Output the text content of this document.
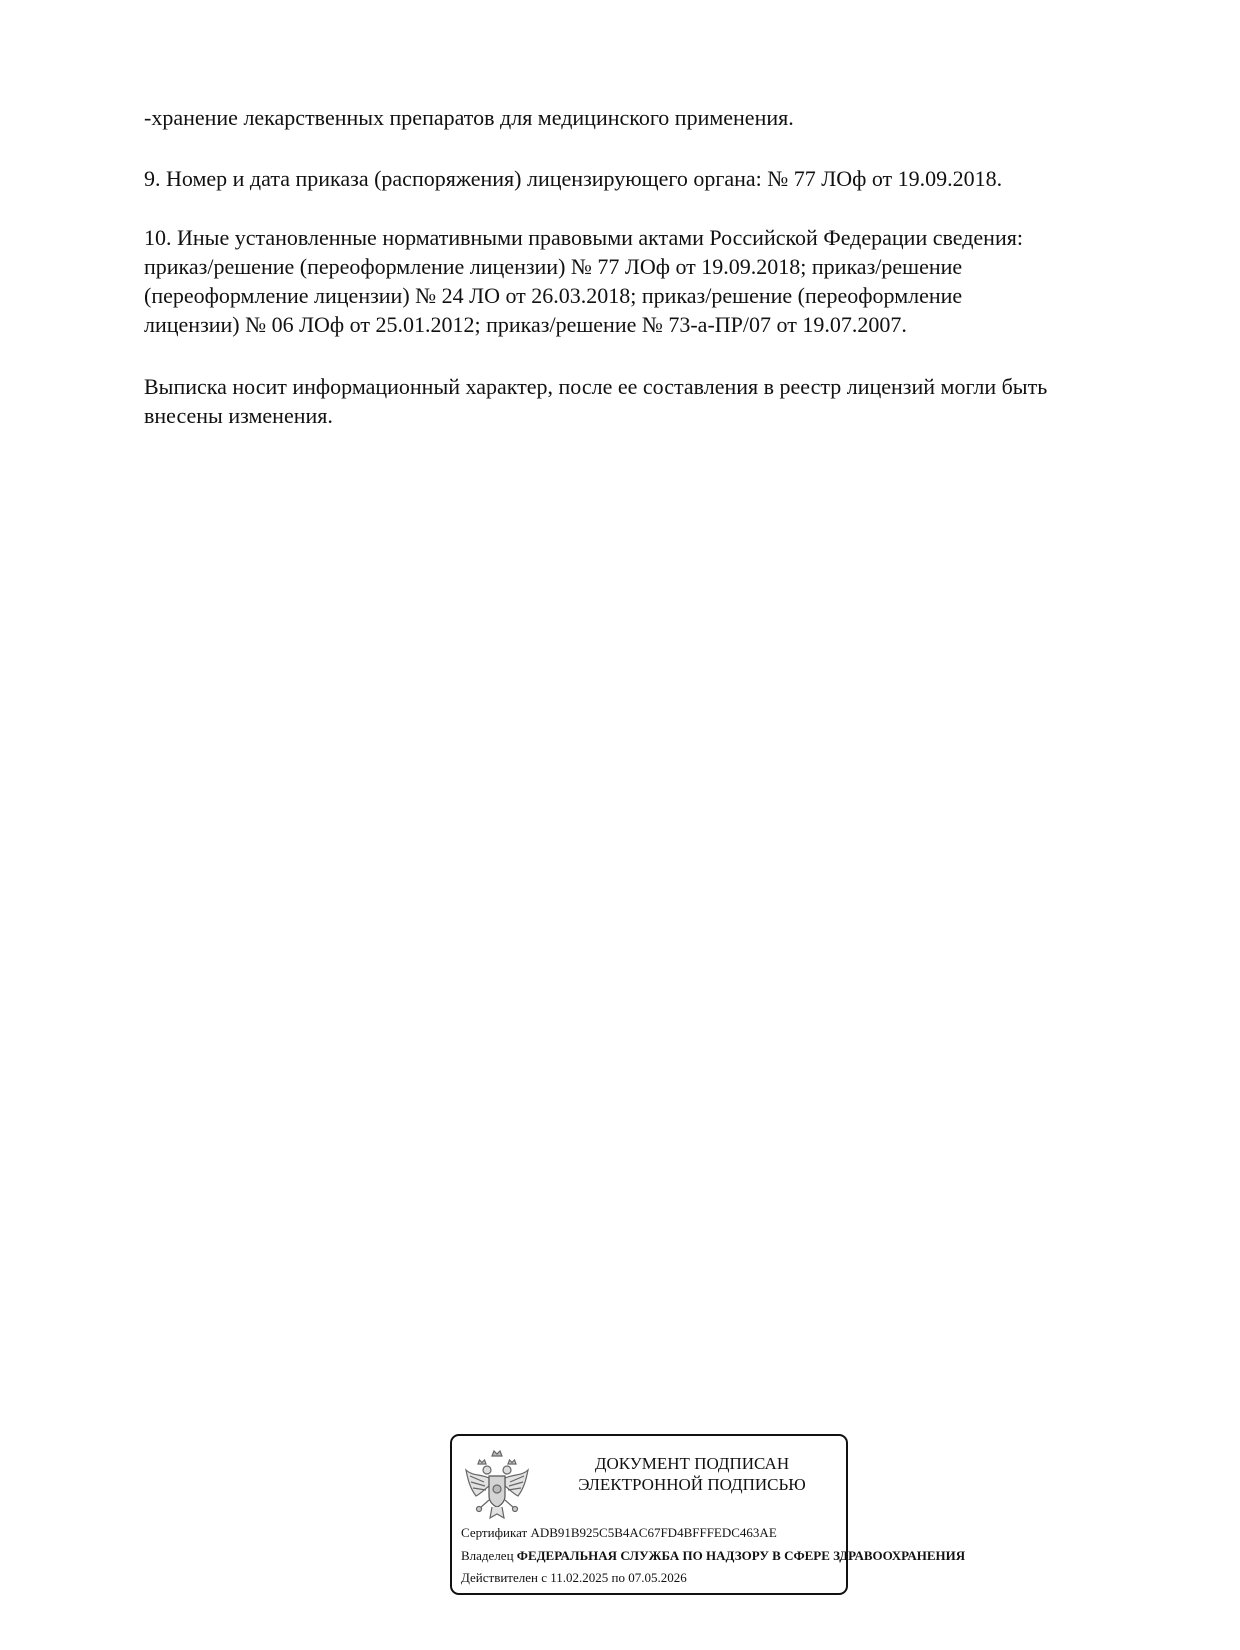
-хранение лекарственных препаратов для медицинского применения.
9. Номер и дата приказа (распоряжения) лицензирующего органа: № 77 ЛОф от 19.09.2018.
10. Иные установленные нормативными правовыми актами Российской Федерации сведения:
приказ/решение (переоформление лицензии) № 77 ЛОф от 19.09.2018; приказ/решение
(переоформление лицензии) № 24 ЛО от 26.03.2018; приказ/решение (переоформление
лицензии) № 06 ЛОф от 25.01.2012; приказ/решение № 73-а-ПР/07 от 19.07.2007.
Выписка носит информационный характер, после ее составления в реестр лицензий могли быть
внесены изменения.
ДОКУМЕНТ ПОДПИСАН
ЭЛЕКТРОННОЙ ПОДПИСЬЮ
Сертификат ADB91B925C5B4AC67FD4BFFFEDC463AE
Владелец ФЕДЕРАЛЬНАЯ СЛУЖБА ПО НАДЗОРУ В СФЕРЕ ЗДРАВООХРАНЕНИЯ
Действителен с 11.02.2025 по 07.05.2026
